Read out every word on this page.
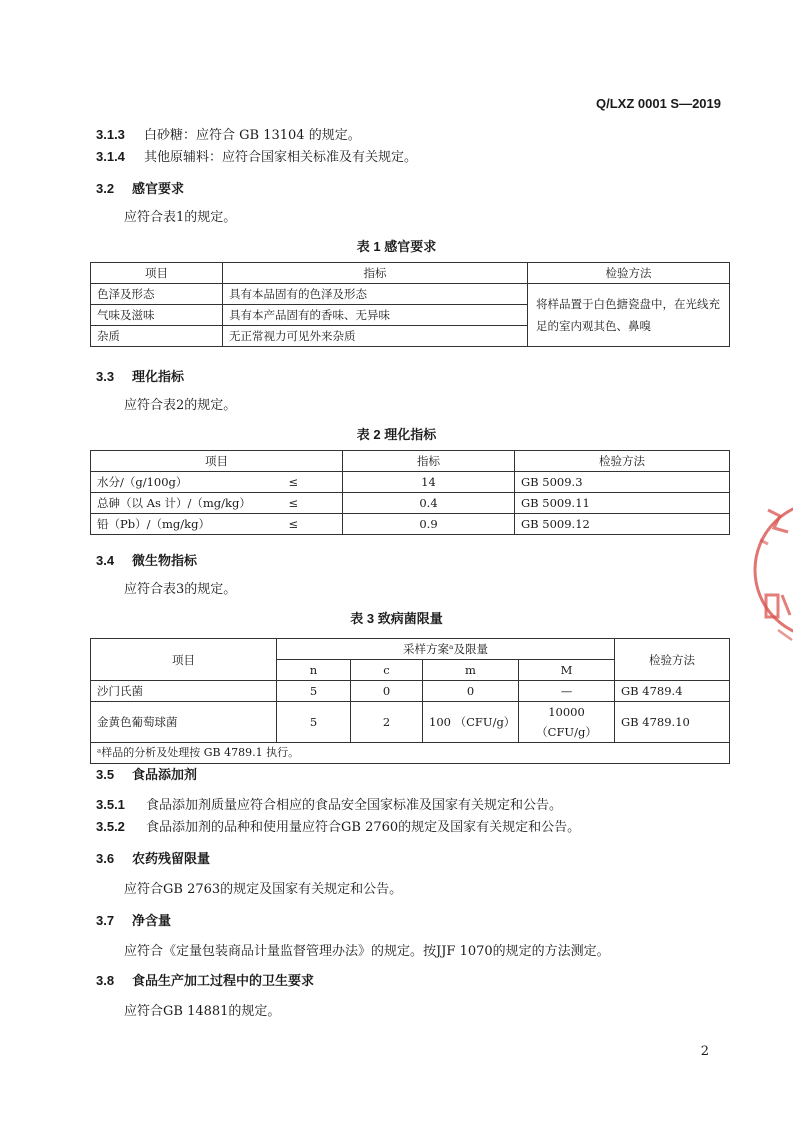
Q/LXZ 0001 S—2019
3.1.3 白砂糖：应符合 GB 13104 的规定。
3.1.4 其他原辅料：应符合国家相关标准及有关规定。
3.2 感官要求
应符合表1的规定。
表 1 感官要求
项目	指标	检验方法
色泽及形态	具有本品固有的色泽及形态	将样品置于白色搪瓷盘中，在光线充足的室内观其色、鼻嗅
气味及滋味	具有本产品固有的香味、无异味	
杂质	无正常视力可见外来杂质	
3.3 理化指标
应符合表2的规定。
表 2 理化指标
项目		指标	检验方法
水分/（g/100g）	≤	14	GB 5009.3
总砷（以 As 计）/（mg/kg）	≤	0.4	GB 5009.11
铅（Pb）/（mg/kg）	≤	0.9	GB 5009.12
3.4 微生物指标
应符合表3的规定。
表 3 致病菌限量
项目	采样方案ᵃ及限量				检验方法
	n	c	m	M	
沙门氏菌	5	0	0	—	GB 4789.4
金黄色葡萄球菌	5	2	100 （CFU/g）	10000 （CFU/g）	GB 4789.10
ᵃ样品的分析及处理按 GB 4789.1 执行。					
3.5 食品添加剂
3.5.1 食品添加剂质量应符合相应的食品安全国家标准及国家有关规定和公告。
3.5.2 食品添加剂的品种和使用量应符合GB 2760的规定及国家有关规定和公告。
3.6 农药残留限量
应符合GB 2763的规定及国家有关规定和公告。
3.7 净含量
应符合《定量包装商品计量监督管理办法》的规定。按JJF 1070的规定的方法测定。
3.8 食品生产加工过程中的卫生要求
应符合GB 14881的规定。
2
